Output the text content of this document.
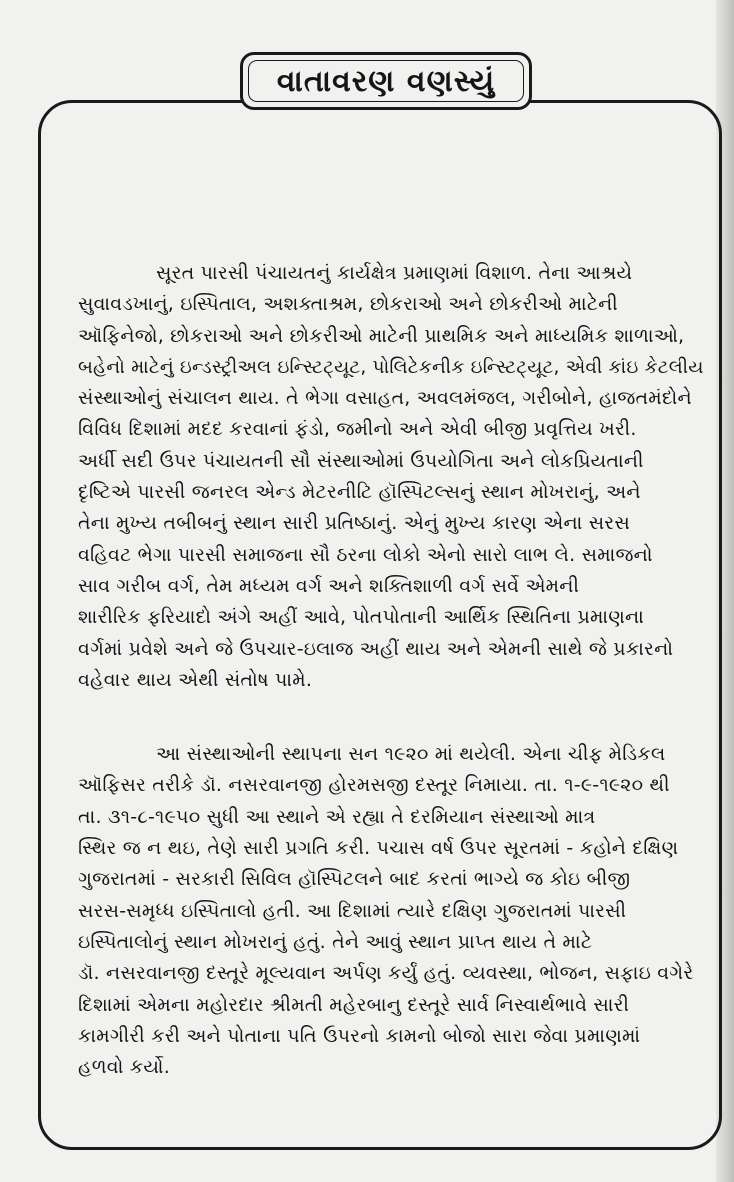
વાતાવરણ વણસ્યું
સૂરત પારસી પંચાયતનું કાર્યક્ષેત્ર પ્રમાણમાં વિશાળ. તેના આશ્રયે
સુવાવડખાનું, ઇસ્પિતાલ, અશક્તાશ્રમ, છોકરાઓ અને છોકરીઓ માટેની
ઑફિનેજો, છોકરાઓ અને છોકરીઓ માટેની પ્રાથમિક અને માધ્યમિક શાળાઓ,
બહેનો માટેનું ઇન્ડસ્ટ્રીઅલ ઇન્સ્ટિટ્યૂટ, પોલિટેકનીક ઇન્સ્ટિટ્યૂટ, એવી કાંઇ કેટલીય
સંસ્થાઓનું સંચાલન થાય. તે ભેગા વસાહત, અવલમંજલ, ગરીબોને, હાજતમંદોને
વિવિધ દિશામાં મદદ કરવાનાં ફંડો, જમીનો અને એવી બીજી પ્રવૃત્તિય ખરી.
અર્ધી સદી ઉપર પંચાયતની સૌ સંસ્થાઓમાં ઉપયોગિતા અને લોકપ્રિયતાની
દૃષ્ટિએ પારસી જનરલ એન્ડ મેટરનીટિ હૉસ્પિટલ્સનું સ્થાન મોખરાનું, અને
તેના મુખ્ય તબીબનું સ્થાન સારી પ્રતિષ્ઠાનું. એનું મુખ્ય કારણ એના સરસ
વહિવટ ભેગા પારસી સમાજના સૌ ઠરના લોકો એનો સારો લાભ લે. સમાજનો
સાવ ગરીબ વર્ગ, તેમ મધ્યમ વર્ગ અને શક્તિશાળી વર્ગ સર્વે એમની
શારીરિક ફરિયાદો અંગે અહીં આવે, પોતપોતાની આર્થિક સ્થિતિના પ્રમાણના
વર્ગમાં પ્રવેશે અને જે ઉપચાર-ઇલાજ અહીં થાય અને એમની સાથે જે પ્રકારનો
વહેવાર થાય એથી સંતોષ પામે.
આ સંસ્થાઓની સ્થાપના સન ૧૯૨૦ માં થયેલી. એના ચીફ મેડિકલ
ઑફિસર તરીકે ડૉ. નસરવાનજી હોરમસજી દસ્તૂર નિમાયા. તા. ૧-૯-૧૯૨૦ થી
તા. ૩૧-૮-૧૯૫૦ સુધી આ સ્થાને એ રહ્યા તે દરમિયાન સંસ્થાઓ માત્ર
સ્થિર જ ન થઇ, તેણે સારી પ્રગતિ કરી. પચાસ વર્ષ ઉપર સૂરતમાં - કહોને દક્ષિણ
ગુજરાતમાં - સરકારી સિવિલ હૉસ્પિટલને બાદ કરતાં ભાગ્યે જ કોઇ બીજી
સરસ-સમૃધ્ધ ઇસ્પિતાલો હતી. આ દિશામાં ત્યારે દક્ષિણ ગુજરાતમાં પારસી
ઇસ્પિતાલોનું સ્થાન મોખરાનું હતું. તેને આવું સ્થાન પ્રાપ્ત થાય તે માટે
ડૉ. નસરવાનજી દસ્તૂરે મૂલ્યવાન અર્પણ કર્યું હતું. વ્યવસ્થા, ભોજન, સફાઇ વગેરે
દિશામાં એમના મહોરદાર શ્રીમતી મહેરબાનુ દસ્તૂરે સાર્વ નિસ્વાર્થભાવે સારી
કામગીરી કરી અને પોતાના પતિ ઉપરનો કામનો બોજો સારા જેવા પ્રમાણમાં
હળવો કર્યો.
